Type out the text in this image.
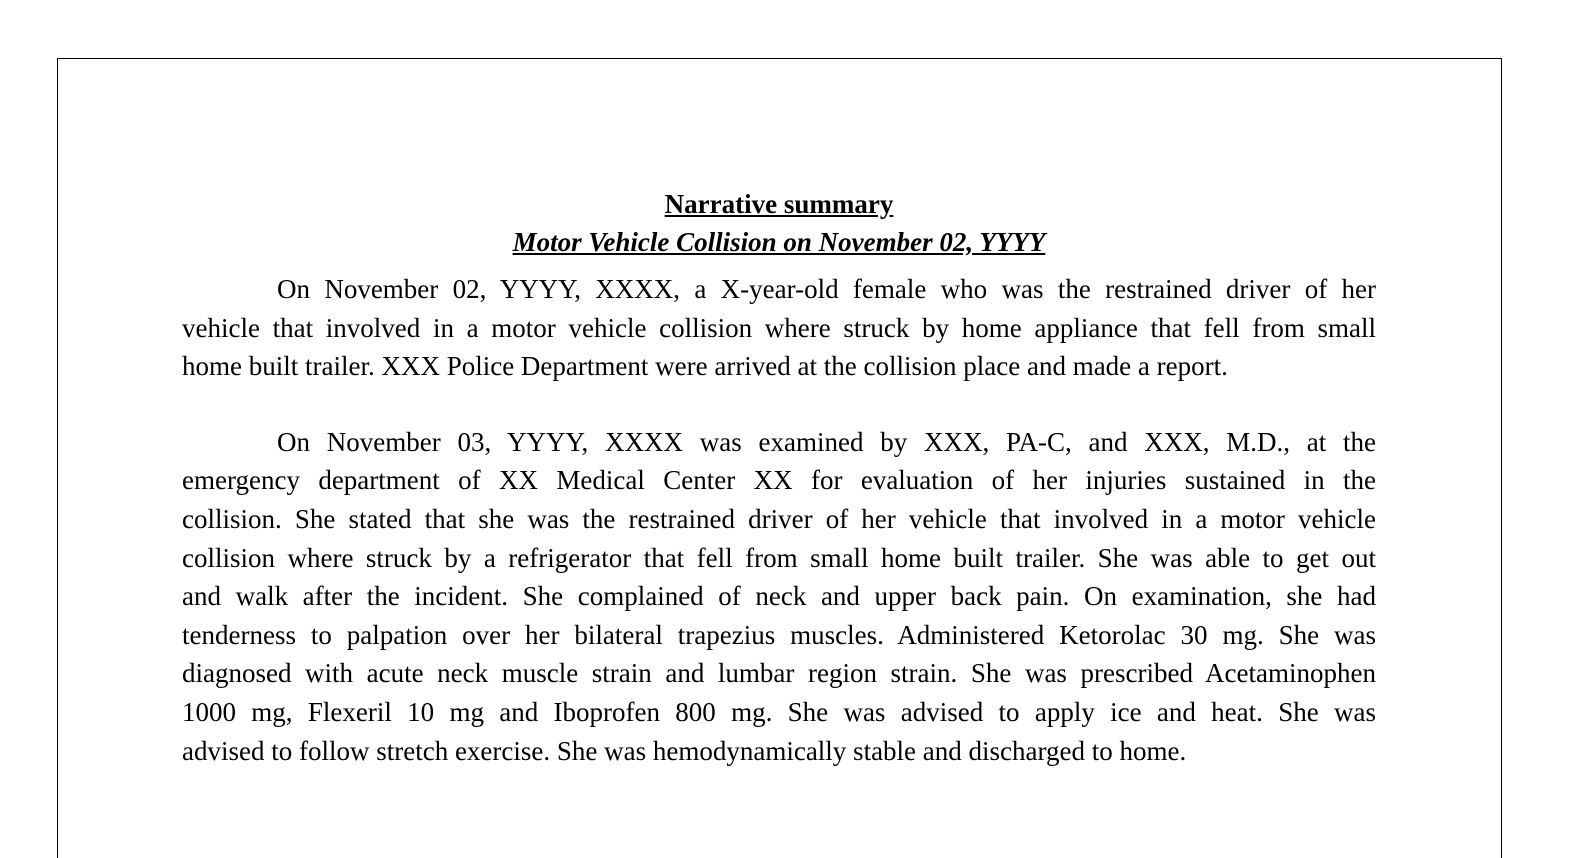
Narrative summary

Motor Vehicle Collision on November 02, YYYY

On November 02, YYYY, XXXX, a X-year-old female who was the restrained driver of her
vehicle that involved in a motor vehicle collision where struck by home appliance that fell from small
home built trailer. XXX Police Department were arrived at the collision place and made a report.
On November 03, YYYY, XXXX was examined by XXX, PA-C, and XXX, M.D., at the
emergency department of XX Medical Center XX for evaluation of her injuries sustained in the
collision. She stated that she was the restrained driver of her vehicle that involved in a motor vehicle
collision where struck by a refrigerator that fell from small home built trailer. She was able to get out
and walk after the incident. She complained of neck and upper back pain. On examination, she had
tenderness to palpation over her bilateral trapezius muscles. Administered Ketorolac 30 mg. She was
diagnosed with acute neck muscle strain and lumbar region strain. She was prescribed Acetaminophen
1000 mg, Flexeril 10 mg and Iboprofen 800 mg. She was advised to apply ice and heat. She was
advised to follow stretch exercise. She was hemodynamically stable and discharged to home.
